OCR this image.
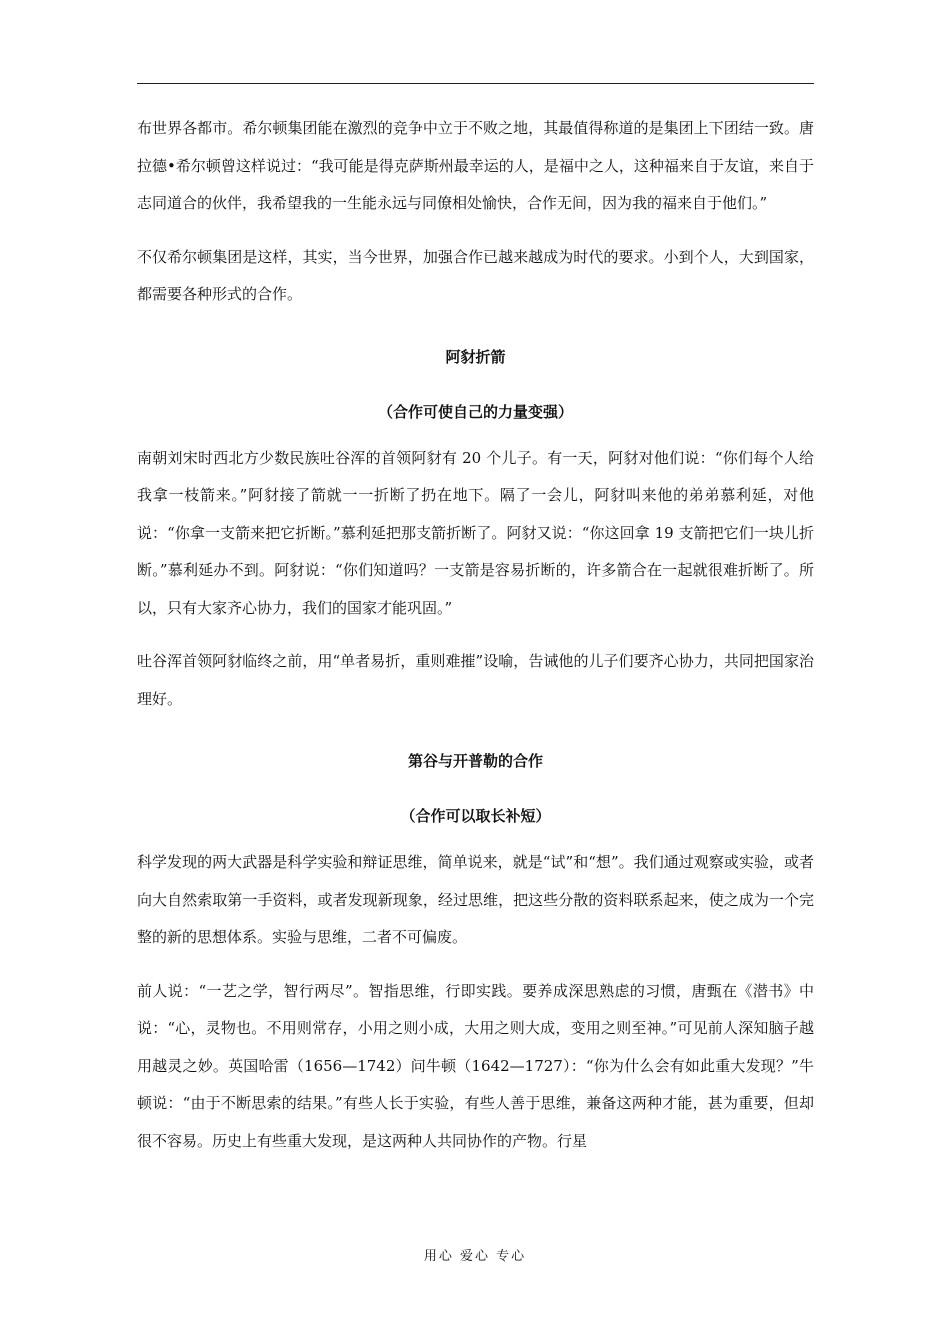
布世界各都市。希尔顿集团能在激烈的竞争中立于不败之地，其最值得称道的是集团上下团结一致。唐拉德•希尔顿曾这样说过：“我可能是得克萨斯州最幸运的人，是福中之人，这种福来自于友谊，来自于志同道合的伙伴，我希望我的一生能永远与同僚相处愉快，合作无间，因为我的福来自于他们。”

不仅希尔顿集团是这样，其实，当今世界，加强合作已越来越成为时代的要求。小到个人，大到国家，都需要各种形式的合作。

阿豺折箭
（合作可使自己的力量变强）

南朝刘宋时西北方少数民族吐谷浑的首领阿豺有 20 个儿子。有一天，阿豺对他们说：“你们每个人给我拿一枝箭来。”阿豺接了箭就一一折断了扔在地下。隔了一会儿，阿豺叫来他的弟弟慕利延，对他说：“你拿一支箭来把它折断。”慕利延把那支箭折断了。阿豺又说：“你这回拿 19 支箭把它们一块儿折断。”慕利延办不到。阿豺说：“你们知道吗？一支箭是容易折断的，许多箭合在一起就很难折断了。所以，只有大家齐心协力，我们的国家才能巩固。”

吐谷浑首领阿豺临终之前，用“单者易折，重则难摧”设喻，告诫他的儿子们要齐心协力，共同把国家治理好。

第谷与开普勒的合作
（合作可以取长补短）

科学发现的两大武器是科学实验和辩证思维，简单说来，就是“试”和“想”。我们通过观察或实验，或者向大自然索取第一手资料，或者发现新现象，经过思维，把这些分散的资料联系起来，使之成为一个完整的新的思想体系。实验与思维，二者不可偏废。

前人说：“一艺之学，智行两尽”。智指思维，行即实践。要养成深思熟虑的习惯，唐甄在《潜书》中说：“心，灵物也。不用则常存，小用之则小成，大用之则大成，变用之则至神。”可见前人深知脑子越用越灵之妙。英国哈雷（1656—1742）问牛顿（1642—1727）：“你为什么会有如此重大发现？”牛顿说：“由于不断思索的结果。”有些人长于实验，有些人善于思维，兼备这两种才能，甚为重要，但却很不容易。历史上有些重大发现，是这两种人共同协作的产物。行星

用心 爱心 专心
